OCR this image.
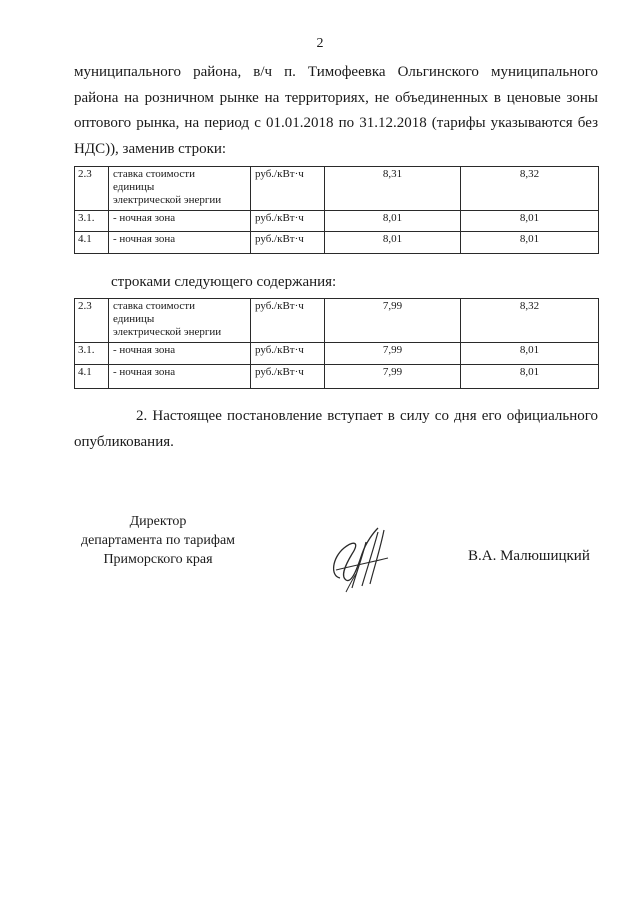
2

муниципального района, в/ч п. Тимофеевка Ольгинского муниципального
района на розничном рынке на территориях, не объединенных в ценовые зоны
оптового рынка, на период с 01.01.2018 по 31.12.2018 (тарифы указываются без
НДС)), заменив строки:

2.3	ставка стоимости
единицы
электрической энергии	руб./кВт·ч	8,31	8,32
3.1.	- ночная зона	руб./кВт·ч	8,01	8,01
4.1	- ночная зона	руб./кВт·ч	8,01	8,01

строками следующего содержания:

2.3	ставка стоимости
единицы
электрической энергии	руб./кВт·ч	7,99	8,32
3.1.	- ночная зона	руб./кВт·ч	7,99	8,01
4.1	- ночная зона	руб./кВт·ч	7,99	8,01

2. Настоящее постановление вступает в силу со дня его официального
опубликования.

Директор
департамента по тарифам
Приморского края	В.А. Малюшицкий
